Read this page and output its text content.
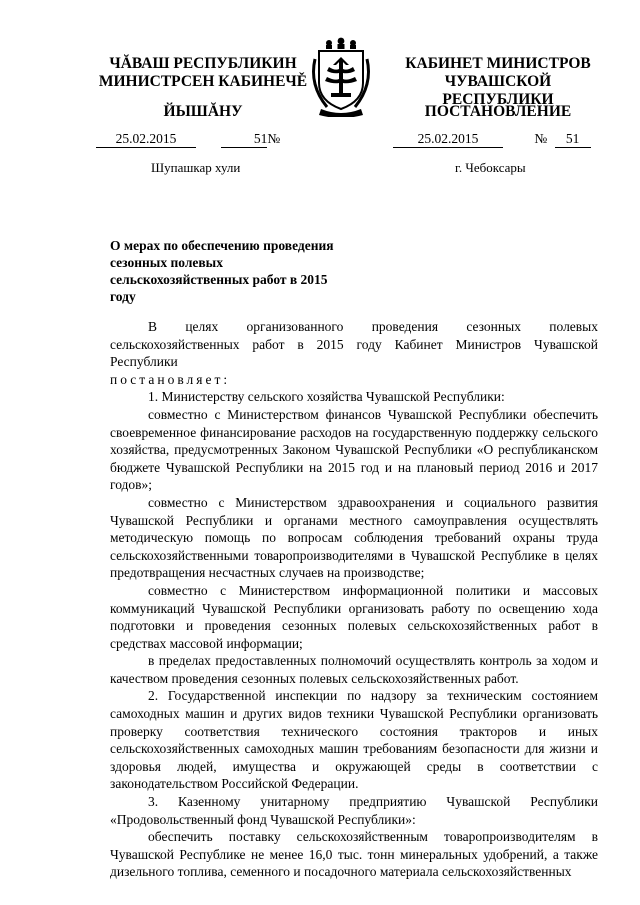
ЧĂВАШ РЕСПУБЛИКИН
МИНИСТРСЕН КАБИНЕЧĚ
ЙЫШĂНУ
КАБИНЕТ МИНИСТРОВ
ЧУВАШСКОЙ РЕСПУБЛИКИ
ПОСТАНОВЛЕНИЕ
25.02.2015	51№	25.02.2015	№ 51
Шупашкар хули	г. Чебоксары
О мерах по обеспечению проведения сезонных полевых сельскохозяйственных работ в 2015 году

В целях организованного проведения сезонных полевых сельскохозяйственных работ в 2015 году Кабинет Министров Чувашской Республики

постановляет:

1. Министерству сельского хозяйства Чувашской Республики:

совместно с Министерством финансов Чувашской Республики обеспечить своевременное финансирование расходов на государственную поддержку сельского хозяйства, предусмотренных Законом Чувашской Республики «О республиканском бюджете Чувашской Республики на 2015 год и на плановый период 2016 и 2017 годов»;

совместно с Министерством здравоохранения и социального развития Чувашской Республики и органами местного самоуправления осуществлять методическую помощь по вопросам соблюдения требований охраны труда сельскохозяйственными товаропроизводителями в Чувашской Республике в целях предотвращения несчастных случаев на производстве;

совместно с Министерством информационной политики и массовых коммуникаций Чувашской Республики организовать работу по освещению хода подготовки и проведения сезонных полевых сельскохозяйственных работ в средствах массовой информации;

в пределах предоставленных полномочий осуществлять контроль за ходом и качеством проведения сезонных полевых сельскохозяйственных работ.

2. Государственной инспекции по надзору за техническим состоянием самоходных машин и других видов техники Чувашской Республики организовать проверку соответствия технического состояния тракторов и иных сельскохозяйственных самоходных машин требованиям безопасности для жизни и здоровья людей, имущества и окружающей среды в соответствии с законодательством Российской Федерации.

3. Казенному унитарному предприятию Чувашской Республики «Продовольственный фонд Чувашской Республики»:

обеспечить поставку сельскохозяйственным товаропроизводителям в Чувашской Республике не менее 16,0 тыс. тонн минеральных удобрений, а также дизельного топлива, семенного и посадочного материала сельскохозяйственных
